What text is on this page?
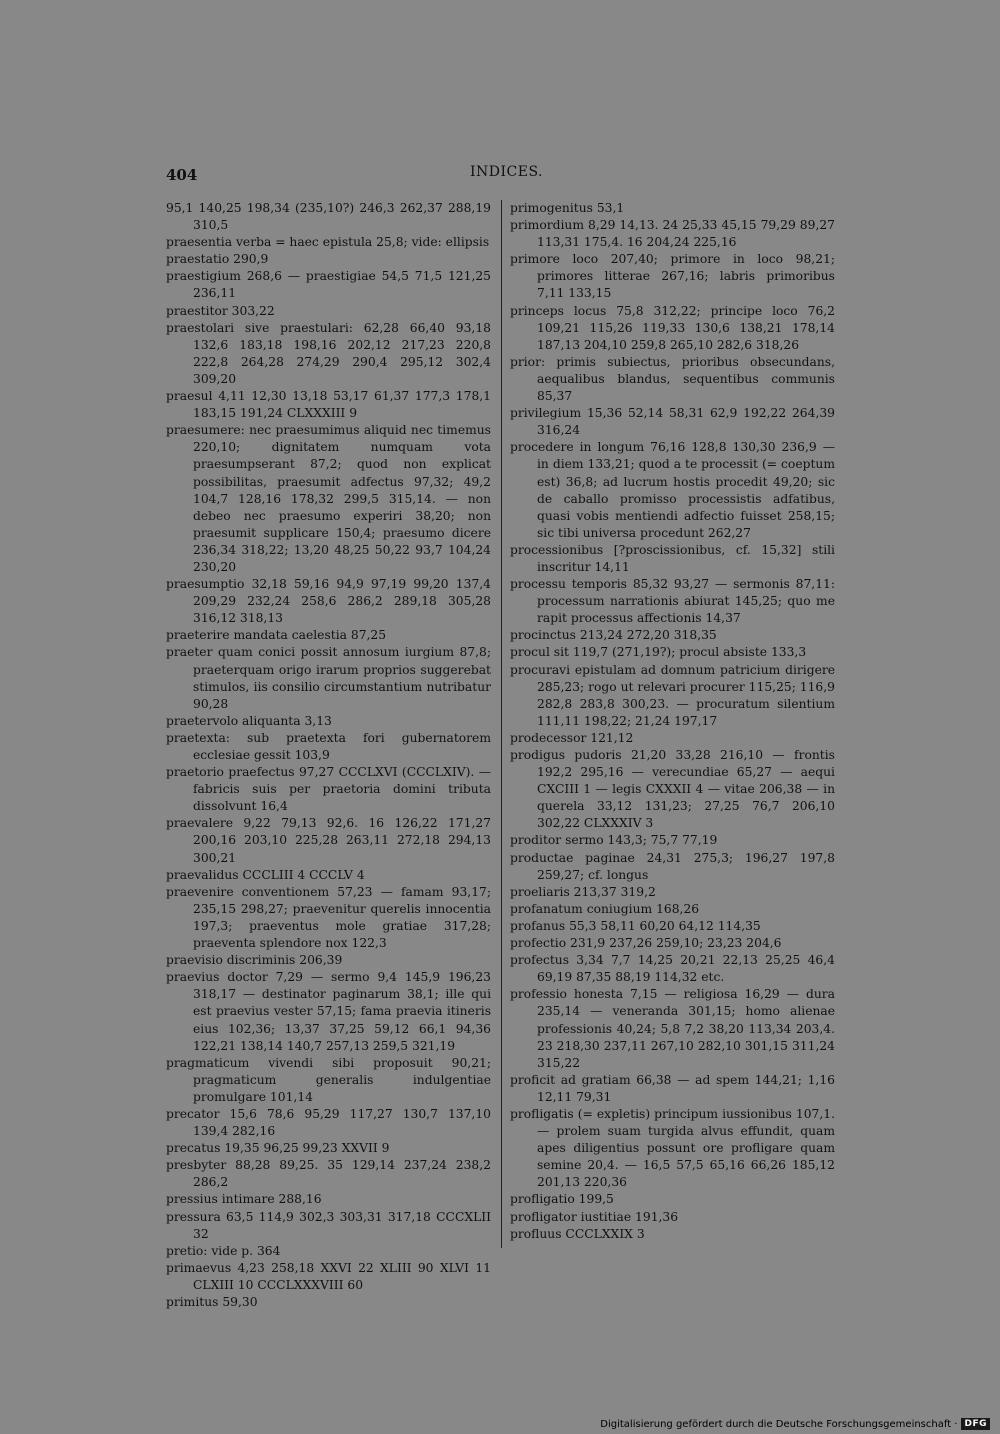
404	INDICES.

95,1 140,25 198,34 (235,10?) 246,3 262,37 288,19 310,5

praesentia verba = haec epistula 25,8; vide: ellipsis

praestatio 290,9

praestigium 268,6 — praestigiae 54,5 71,5 121,25 236,11

praestitor 303,22

praestolari sive praestulari: 62,28 66,40 93,18 132,6 183,18 198,16 202,12 217,23 220,8 222,8 264,28 274,29 290,4 295,12 302,4 309,20

praesul 4,11 12,30 13,18 53,17 61,37 177,3 178,1 183,15 191,24 CLXXXIII 9

praesumere: nec praesumimus aliquid nec timemus 220,10; dignitatem numquam vota praesumpserant 87,2; quod non explicat possibilitas, praesumit adfectus 97,32; 49,2 104,7 128,16 178,32 299,5 315,14. — non debeo nec praesumo experiri 38,20; non praesumit supplicare 150,4; praesumo dicere 236,34 318,22; 13,20 48,25 50,22 93,7 104,24 230,20

praesumptio 32,18 59,16 94,9 97,19 99,20 137,4 209,29 232,24 258,6 286,2 289,18 305,28 316,12 318,13

praeterire mandata caelestia 87,25

praeter quam conici possit annosum iurgium 87,8; praeterquam origo irarum proprios suggerebat stimulos, iis consilio circumstantium nutribatur 90,28

praetervolo aliquanta 3,13

praetexta: sub praetexta fori gubernatorem ecclesiae gessit 103,9

praetorio praefectus 97,27 CCCLXVI (CCCLXIV). — fabricis suis per praetoria domini tributa dissolvunt 16,4

praevalere 9,22 79,13 92,6. 16 126,22 171,27 200,16 203,10 225,28 263,11 272,18 294,13 300,21

praevalidus CCCLIII 4 CCCLV 4

praevenire conventionem 57,23 — famam 93,17; 235,15 298,27; praevenitur querelis innocentia 197,3; praeventus mole gratiae 317,28; praeventa splendore nox 122,3

praevisio discriminis 206,39

praevius doctor 7,29 — sermo 9,4 145,9 196,23 318,17 — destinator paginarum 38,1; ille qui est praevius vester 57,15; fama praevia itineris eius 102,36; 13,37 37,25 59,12 66,1 94,36 122,21 138,14 140,7 257,13 259,5 321,19

pragmaticum vivendi sibi proposuit 90,21; pragmaticum generalis indulgentiae promulgare 101,14

precator 15,6 78,6 95,29 117,27 130,7 137,10 139,4 282,16

precatus 19,35 96,25 99,23 XXVII 9

presbyter 88,28 89,25. 35 129,14 237,24 238,2 286,2

pressius intimare 288,16

pressura 63,5 114,9 302,3 303,31 317,18 CCCXLII 32

pretio: vide p. 364

primaevus 4,23 258,18 XXVI 22 XLIII 90 XLVI 11 CLXIII 10 CCCLXXXVIII 60

primitus 59,30

primogenitus 53,1

primordium 8,29 14,13. 24 25,33 45,15 79,29 89,27 113,31 175,4. 16 204,24 225,16

primore loco 207,40; primore in loco 98,21; primores litterae 267,16; labris primoribus 7,11 133,15

princeps locus 75,8 312,22; principe loco 76,2 109,21 115,26 119,33 130,6 138,21 178,14 187,13 204,10 259,8 265,10 282,6 318,26

prior: primis subiectus, prioribus obsecundans, aequalibus blandus, sequentibus communis 85,37

privilegium 15,36 52,14 58,31 62,9 192,22 264,39 316,24

procedere in longum 76,16 128,8 130,30 236,9 — in diem 133,21; quod a te processit (= coeptum est) 36,8; ad lucrum hostis procedit 49,20; sic de caballo promisso processistis adfatibus, quasi vobis mentiendi adfectio fuisset 258,15; sic tibi universa procedunt 262,27

processionibus [?proscissionibus, cf. 15,32] stili inscritur 14,11

processu temporis 85,32 93,27 — sermonis 87,11: processum narrationis abiurat 145,25; quo me rapit processus affectionis 14,37

procinctus 213,24 272,20 318,35

procul sit 119,7 (271,19?); procul absiste 133,3

procuravi epistulam ad domnum patricium dirigere 285,23; rogo ut relevari procurer 115,25; 116,9 282,8 283,8 300,23. — procuratum silentium 111,11 198,22; 21,24 197,17

prodecessor 121,12

prodigus pudoris 21,20 33,28 216,10 — frontis 192,2 295,16 — verecundiae 65,27 — aequi CXCIII 1 — legis CXXXII 4 — vitae 206,38 — in querela 33,12 131,23; 27,25 76,7 206,10 302,22 CLXXXIV 3

proditor sermo 143,3; 75,7 77,19

productae paginae 24,31 275,3; 196,27 197,8 259,27; cf. longus

proeliaris 213,37 319,2

profanatum coniugium 168,26

profanus 55,3 58,11 60,20 64,12 114,35

profectio 231,9 237,26 259,10; 23,23 204,6

profectus 3,34 7,7 14,25 20,21 22,13 25,25 46,4 69,19 87,35 88,19 114,32 etc.

professio honesta 7,15 — religiosa 16,29 — dura 235,14 — veneranda 301,15; homo alienae professionis 40,24; 5,8 7,2 38,20 113,34 203,4. 23 218,30 237,11 267,10 282,10 301,15 311,24 315,22

proficit ad gratiam 66,38 — ad spem 144,21; 1,16 12,11 79,31

profligatis (= expletis) principum iussionibus 107,1. — prolem suam turgida alvus effundit, quam apes diligentius possunt ore profligare quam semine 20,4. — 16,5 57,5 65,16 66,26 185,12 201,13 220,36

profligatio 199,5

profligator iustitiae 191,36

profluus CCCLXXIX 3

Digitalisierung gefördert durch die Deutsche Forschungsgemeinschaft · DFG
